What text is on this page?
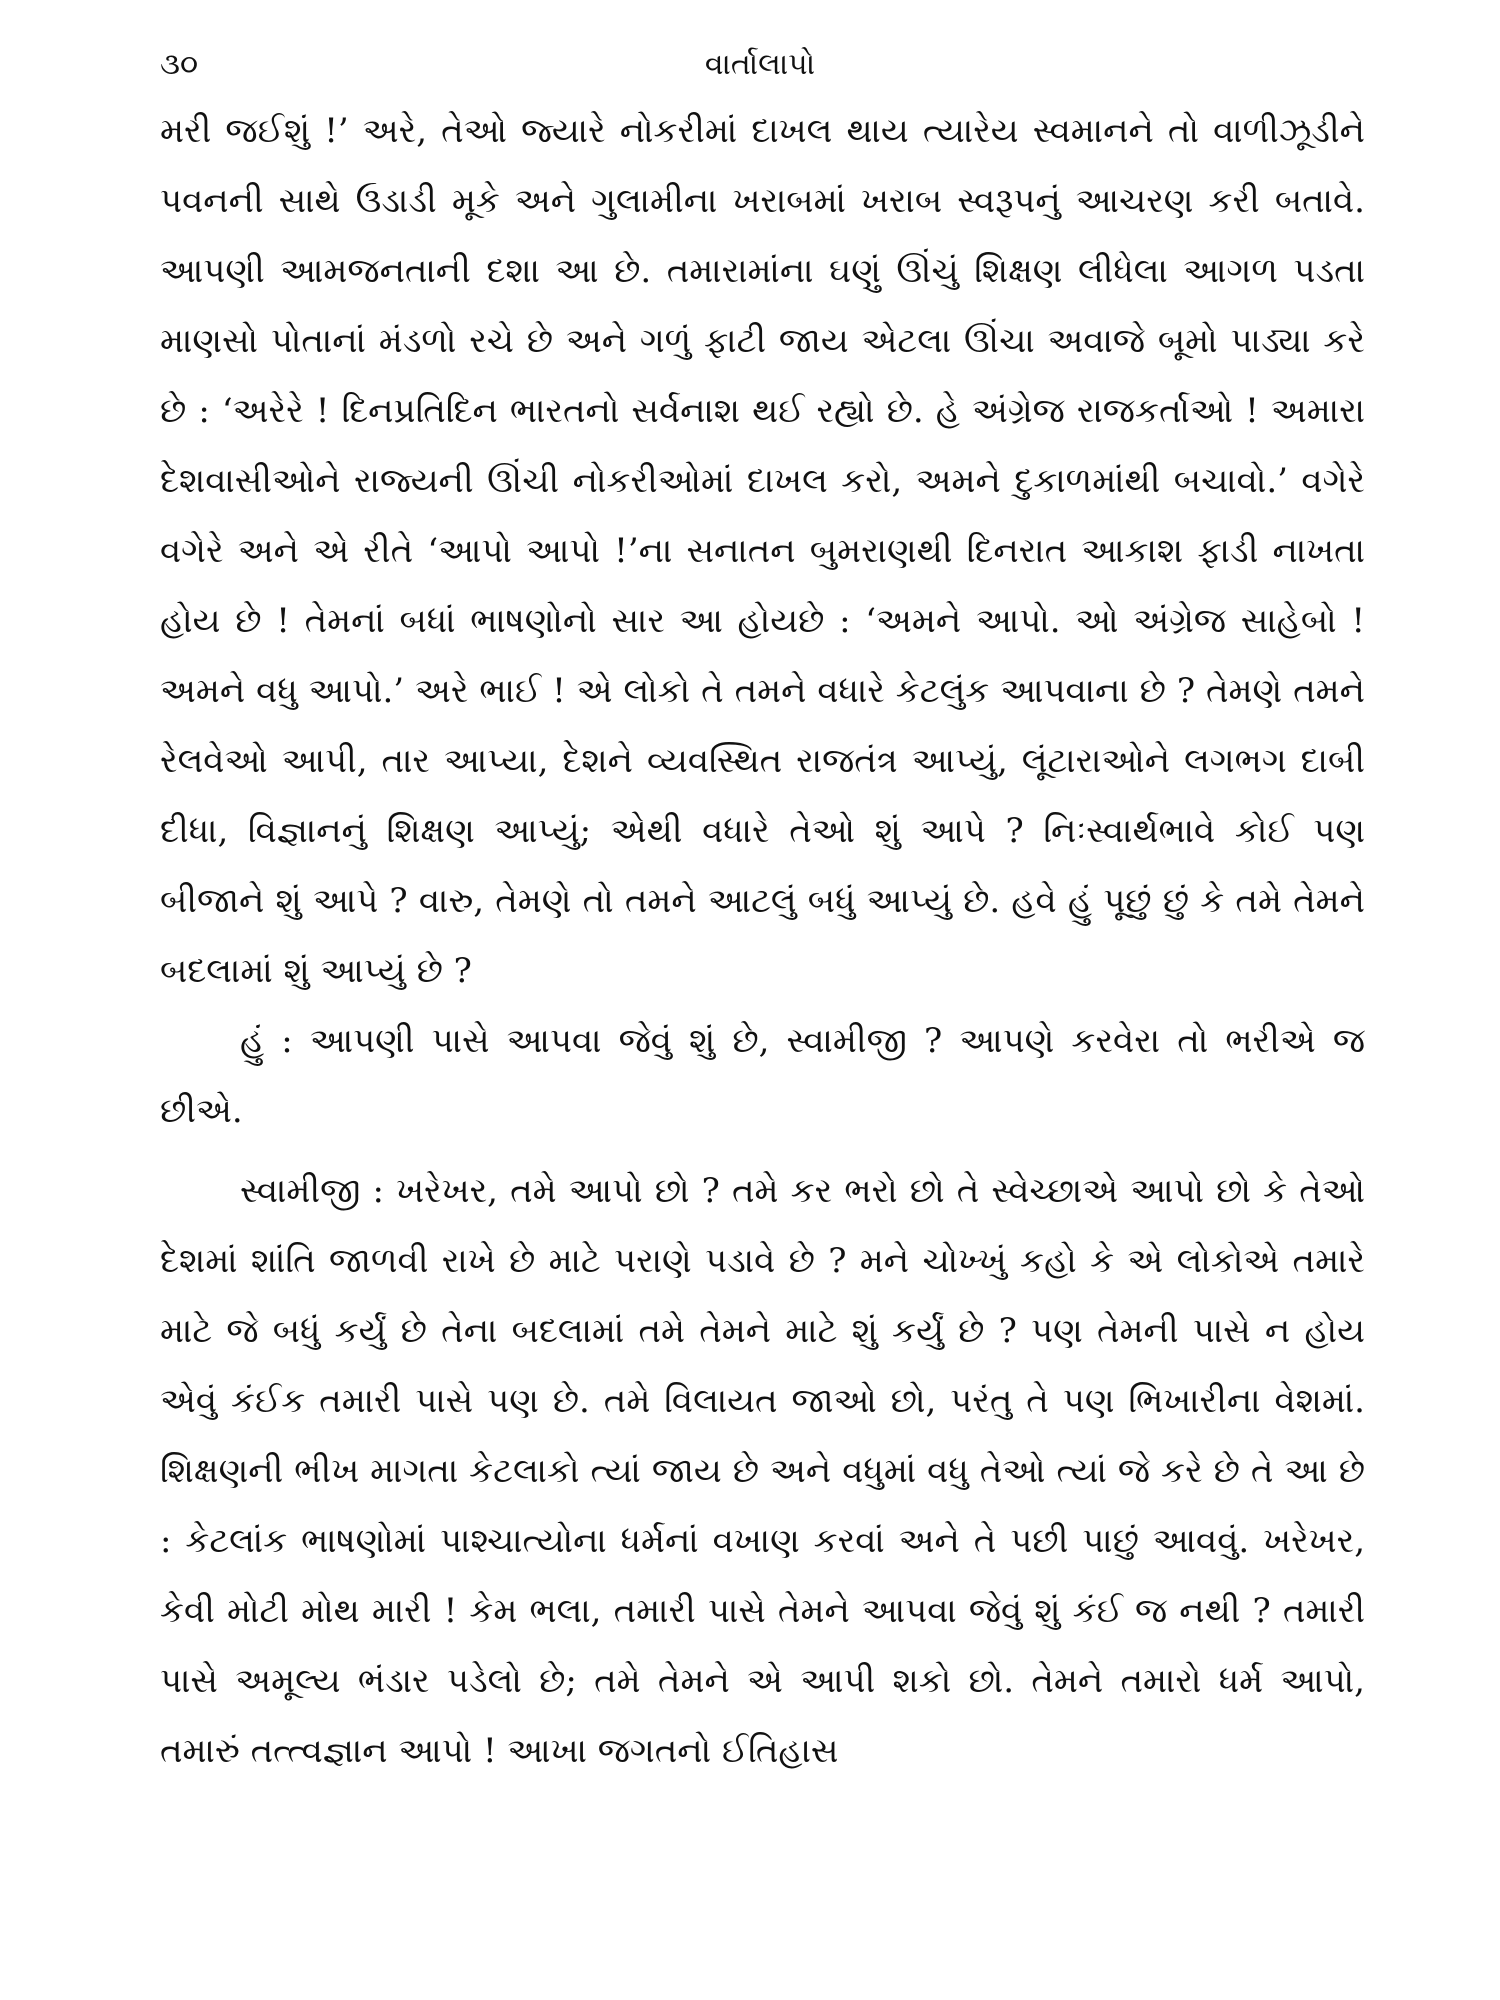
૩૦	વાર્તાલાપો

મરી જઈશું !’ અરે, તેઓ જ્યારે નોકરીમાં દાખલ થાય ત્યારેય સ્વમાનને તો વાળીઝૂડીને પવનની સાથે ઉડાડી મૂકે અને ગુલામીના ખરાબમાં ખરાબ સ્વરૂપનું આચરણ કરી બતાવે. આપણી આમજનતાની દશા આ છે. તમારામાંના ઘણું ઊંચું શિક્ષણ લીધેલા આગળ પડતા માણસો પોતાનાં મંડળો રચે છે અને ગળું ફાટી જાય એટલા ઊંચા અવાજે બૂમો પાડ્યા કરે છે : ‘અરેરે ! દિનપ્રતિદિન ભારતનો સર્વનાશ થઈ રહ્યો છે. હે અંગ્રેજ રાજકર્તાઓ ! અમારા દેશવાસીઓને રાજ્યની ઊંચી નોકરીઓમાં દાખલ કરો, અમને દુકાળમાંથી બચાવો.’ વગેરે વગેરે અને એ રીતે ‘આપો આપો !’ના સનાતન બુમરાણથી દિનરાત આકાશ ફાડી નાખતા હોય છે ! તેમનાં બધાં ભાષણોનો સાર આ હોયછે : ‘અમને આપો. ઓ અંગ્રેજ સાહેબો ! અમને વધુ આપો.’ અરે ભાઈ ! એ લોકો તે તમને વધારે કેટલુંક આપવાના છે ? તેમણે તમને રેલવેઓ આપી, તાર આપ્યા, દેશને વ્યવસ્થિત રાજતંત્ર આપ્યું, લૂંટારાઓને લગભગ દાબી દીધા, વિજ્ઞાનનું શિક્ષણ આપ્યું; એથી વધારે તેઓ શું આપે ? નિઃસ્વાર્થભાવે કોઈ પણ બીજાને શું આપે ? વારુ, તેમણે તો તમને આટલું બધું આપ્યું છે. હવે હું પૂછું છું કે તમે તેમને બદલામાં શું આપ્યું છે ?

હું : આપણી પાસે આપવા જેવું શું છે, સ્વામીજી ? આપણે કરવેરા તો ભરીએ જ છીએ.

સ્વામીજી : ખરેખર, તમે આપો છો ? તમે કર ભરો છો તે સ્વેચ્છાએ આપો છો કે તેઓ દેશમાં શાંતિ જાળવી રાખે છે માટે પરાણે પડાવે છે ? મને ચોખ્ખું કહો કે એ લોકોએ તમારે માટે જે બધું કર્યું છે તેના બદલામાં તમે તેમને માટે શું કર્યું છે ? પણ તેમની પાસે ન હોય એવું કંઈક તમારી પાસે પણ છે. તમે વિલાયત જાઓ છો, પરંતુ તે પણ ભિખારીના વેશમાં. શિક્ષણની ભીખ માગતા કેટલાકો ત્યાં જાય છે અને વધુમાં વધુ તેઓ ત્યાં જે કરે છે તે આ છે : કેટલાંક ભાષણોમાં પાશ્ચાત્યોના ધર્મનાં વખાણ કરવાં અને તે પછી પાછું આવવું. ખરેખર, કેવી મોટી મોથ મારી ! કેમ ભલા, તમારી પાસે તેમને આપવા જેવું શું કંઈ જ નથી ? તમારી પાસે અમૂલ્ય ભંડાર પડેલો છે; તમે તેમને એ આપી શકો છો. તેમને તમારો ધર્મ આપો, તમારું તત્ત્વજ્ઞાન આપો ! આખા જગતનો ઈતિહાસ
